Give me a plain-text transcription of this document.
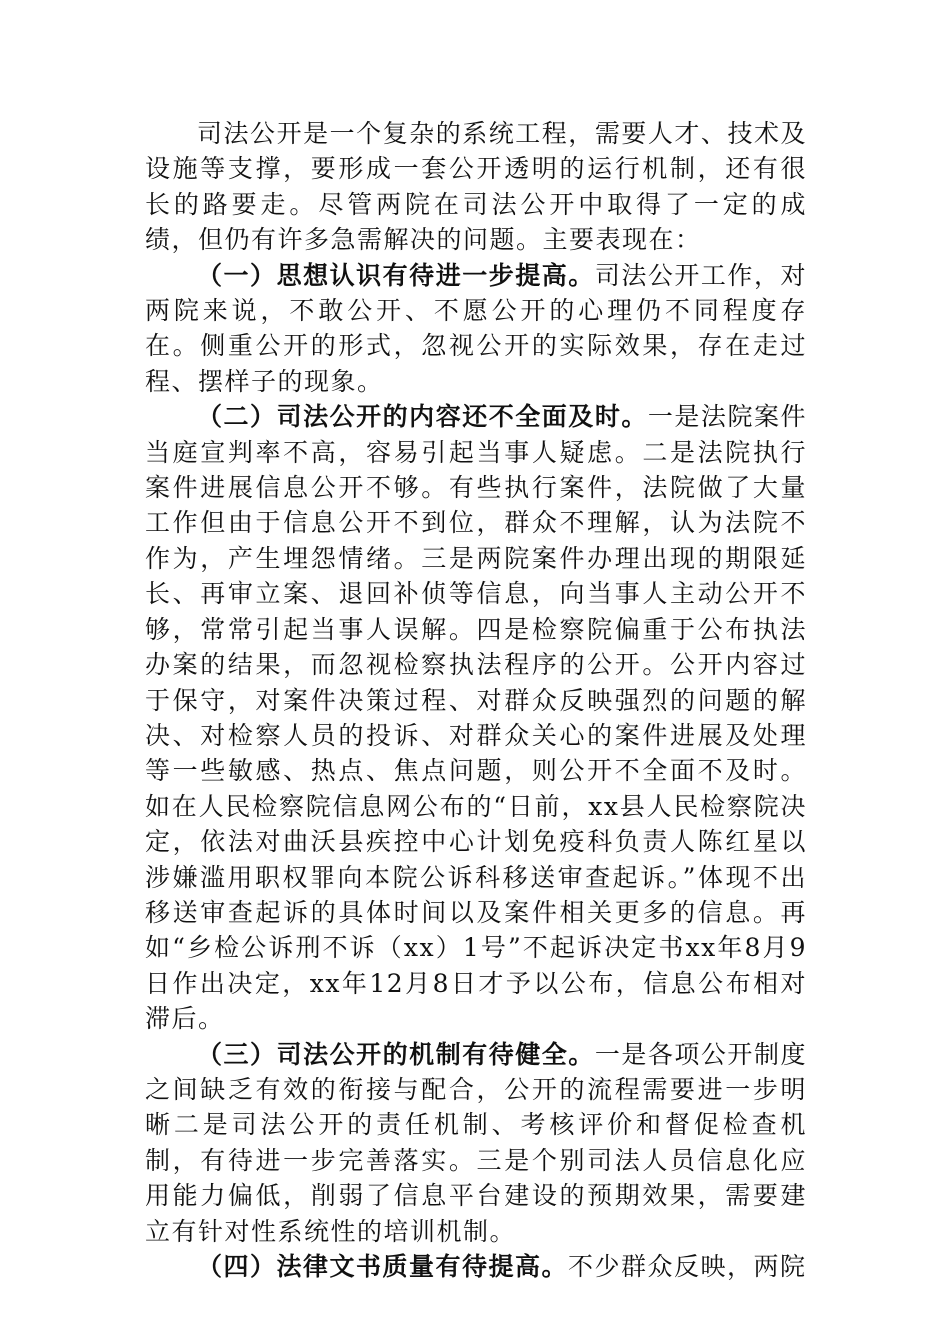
司法公开是一个复杂的系统工程，需要人才、技术及设施等支撑，要形成一套公开透明的运行机制，还有很长的路要走。尽管两院在司法公开中取得了一定的成绩，但仍有许多急需解决的问题。主要表现在：

（一）思想认识有待进一步提高。司法公开工作，对两院来说，不敢公开、不愿公开的心理仍不同程度存在。侧重公开的形式，忽视公开的实际效果，存在走过程、摆样子的现象。

（二）司法公开的内容还不全面及时。一是法院案件当庭宣判率不高，容易引起当事人疑虑。二是法院执行案件进展信息公开不够。有些执行案件，法院做了大量工作但由于信息公开不到位，群众不理解，认为法院不作为，产生埋怨情绪。三是两院案件办理出现的期限延长、再审立案、退回补侦等信息，向当事人主动公开不够，常常引起当事人误解。四是检察院偏重于公布执法办案的结果，而忽视检察执法程序的公开。公开内容过于保守，对案件决策过程、对群众反映强烈的问题的解决、对检察人员的投诉、对群众关心的案件进展及处理等一些敏感、热点、焦点问题，则公开不全面不及时。如在人民检察院信息网公布的“日前，xx县人民检察院决定，依法对曲沃县疾控中心计划免疫科负责人陈红星以涉嫌滥用职权罪向本院公诉科移送审查起诉。”体现不出移送审查起诉的具体时间以及案件相关更多的信息。再如“乡检公诉刑不诉（xx）1号”不起诉决定书xx年8月9日作出决定，xx年12月8日才予以公布，信息公布相对滞后。

（三）司法公开的机制有待健全。一是各项公开制度之间缺乏有效的衔接与配合，公开的流程需要进一步明晰二是司法公开的责任机制、考核评价和督促检查机制，有待进一步完善落实。三是个别司法人员信息化应用能力偏低，削弱了信息平台建设的预期效果，需要建立有针对性系统性的培训机制。

（四）法律文书质量有待提高。不少群众反映，两院
